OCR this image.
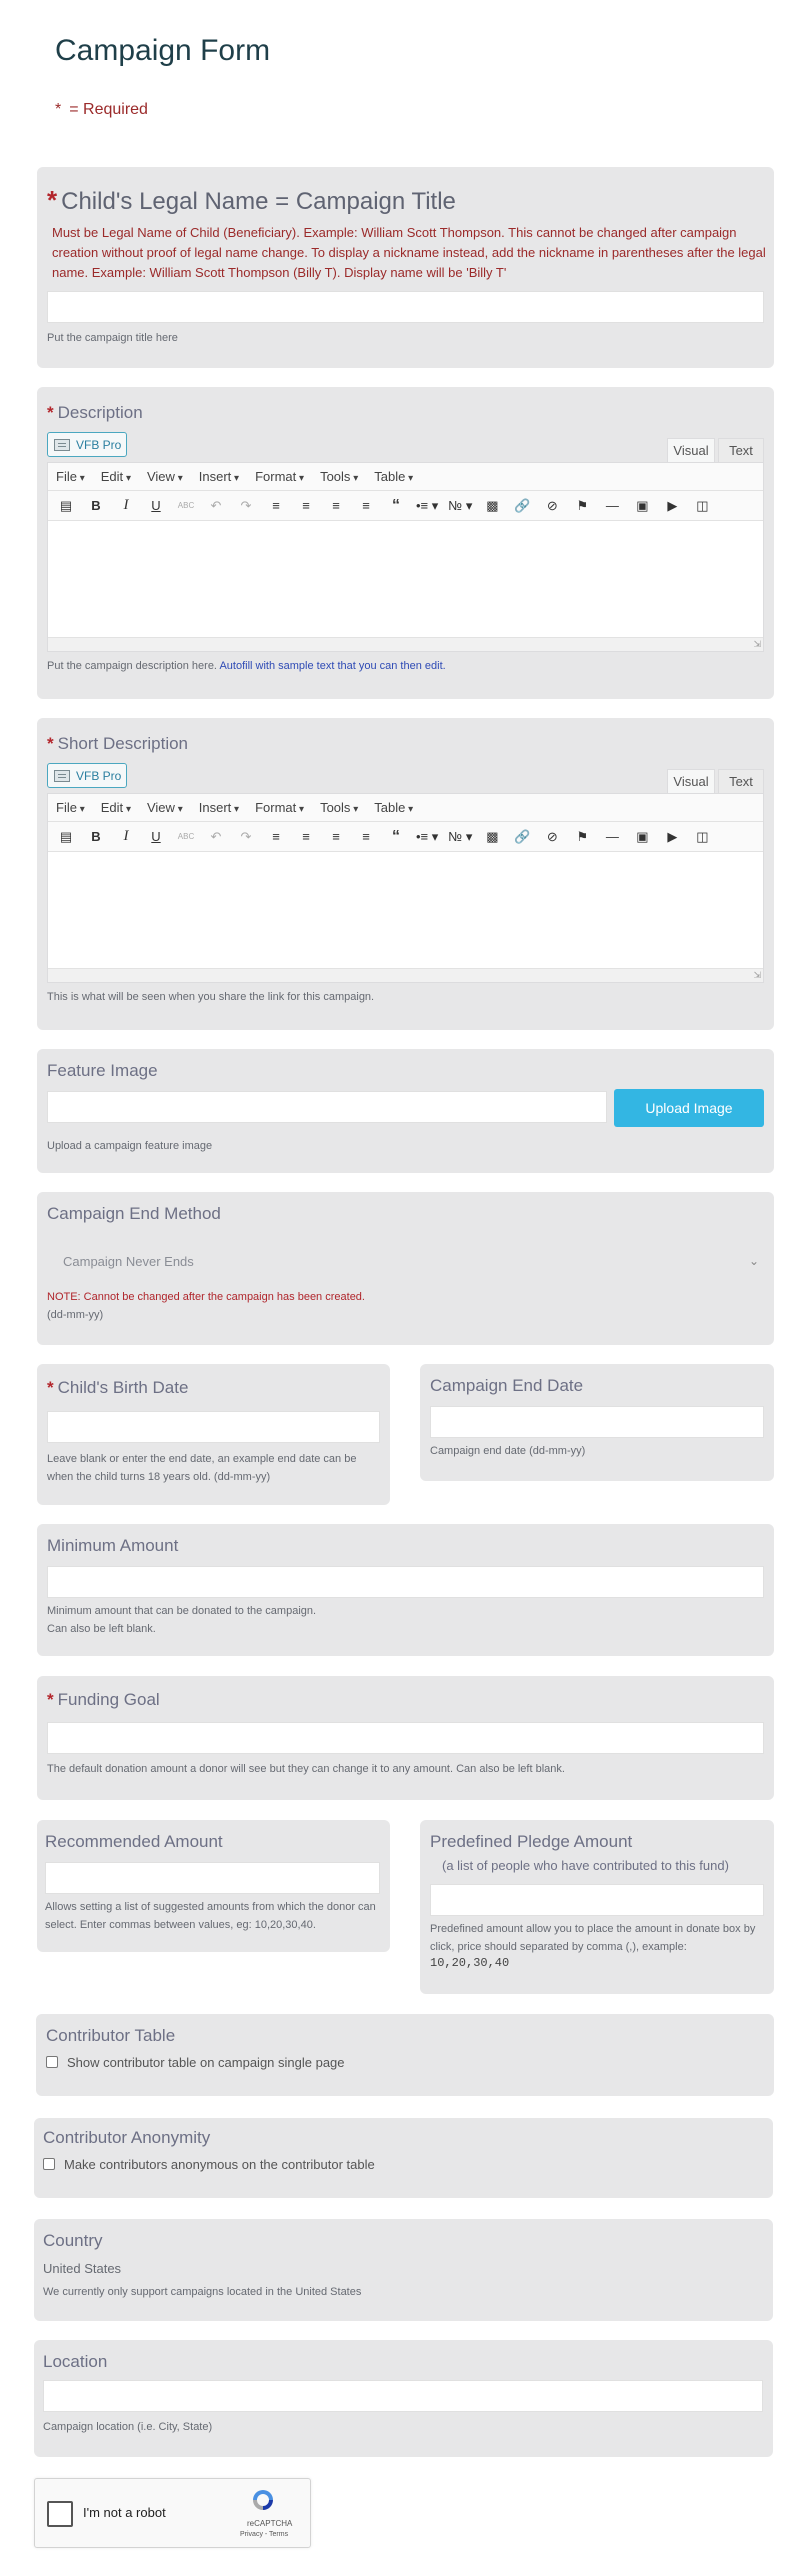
Campaign Form
* = Required
* Child's Legal Name = Campaign Title
Must be Legal Name of Child (Beneficiary). Example: William Scott Thompson. This cannot be changed after campaign creation without proof of legal name change. To display a nickname instead, add the nickname in parentheses after the legal name. Example: William Scott Thompson (Billy T). Display name will be 'Billy T'
Put the campaign title here
* Description
VFB Pro	Visual	Text
File ▾	Edit ▾	View ▾	Insert ▾	Format ▾	Tools ▾	Table ▾
▤	B	I	U	ABC	↶	↷	≡	≡	≡	≡	“	•≡ ▾ № ▾ ▩ 🔗	⊘	⚑	— ▣	▶	◫
⇲
Put the campaign description here. Autofill with sample text that you can then edit.
* Short Description
VFB Pro	Visual	Text
File ▾	Edit ▾	View ▾	Insert ▾	Format ▾	Tools ▾	Table ▾
▤	B	I	U	ABC	↶	↷	≡	≡	≡	≡	“	•≡ ▾ № ▾ ▩ 🔗	⊘	⚑	— ▣	▶	◫
⇲
This is what will be seen when you share the link for this campaign.
Feature Image
Upload Image
Upload a campaign feature image
Campaign End Method
Campaign Never Ends	⌄
NOTE: Cannot be changed after the campaign has been created.
(dd-mm-yy)
* Child's Birth Date
Leave blank or enter the end date, an example end date can be when the child turns 18 years old. (dd-mm-yy)
Campaign End Date
Campaign end date (dd-mm-yy)
Minimum Amount
Minimum amount that can be donated to the campaign.
Can also be left blank.
* Funding Goal
The default donation amount a donor will see but they can change it to any amount. Can also be left blank.
Recommended Amount
Allows setting a list of suggested amounts from which the donor can select. Enter commas between values, eg: 10,20,30,40.
Predefined Pledge Amount
(a list of people who have contributed to this fund)
Predefined amount allow you to place the amount in donate box by click, price should separated by comma (,), example:
10,20,30,40
Contributor Table
Show contributor table on campaign single page
Contributor Anonymity
Make contributors anonymous on the contributor table
Country
United States
We currently only support campaigns located in the United States
Location
Campaign location (i.e. City, State)
I'm not a robot
reCAPTCHA
Privacy - Terms
